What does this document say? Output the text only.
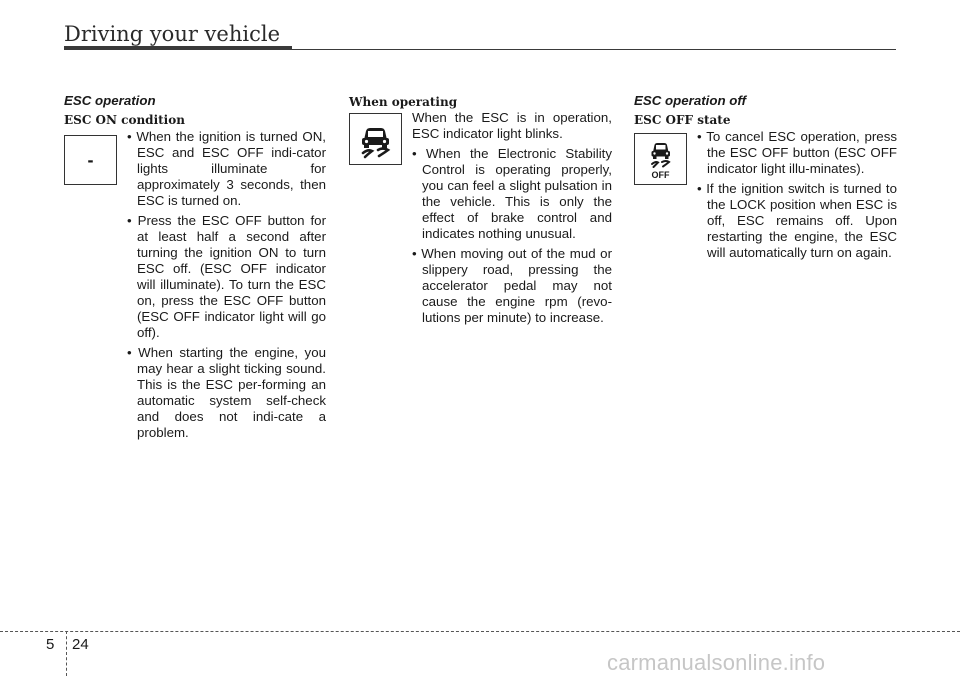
Driving your vehicle
ESC operation
ESC ON condition
-
• When the ignition is turned ON, ESC and ESC OFF indi-cator lights illuminate for approximately 3 seconds, then ESC is turned on.
• Press the ESC OFF button for at least half a second after turning the ignition ON to turn ESC off. (ESC OFF indicator will illuminate). To turn the ESC on, press the ESC OFF button (ESC OFF indicator light will go off).
• When starting the engine, you may hear a slight ticking sound. This is the ESC per-forming an automatic system self-check and does not indi-cate a problem.
When operating
When the ESC is in operation, ESC indicator light blinks.
• When the Electronic Stability Control is operating properly, you can feel a slight pulsation in the vehicle. This is only the effect of brake control and indicates nothing unusual.
• When moving out of the mud or slippery road, pressing the accelerator pedal may not cause the engine rpm (revo-lutions per minute) to increase.
ESC operation off
ESC OFF state
OFF
• To cancel ESC operation, press the ESC OFF button (ESC OFF indicator light illu-minates).
• If the ignition switch is turned to the LOCK position when ESC is off, ESC remains off. Upon restarting the engine, the ESC will automatically turn on again.
5 24
carmanualsonline.info
